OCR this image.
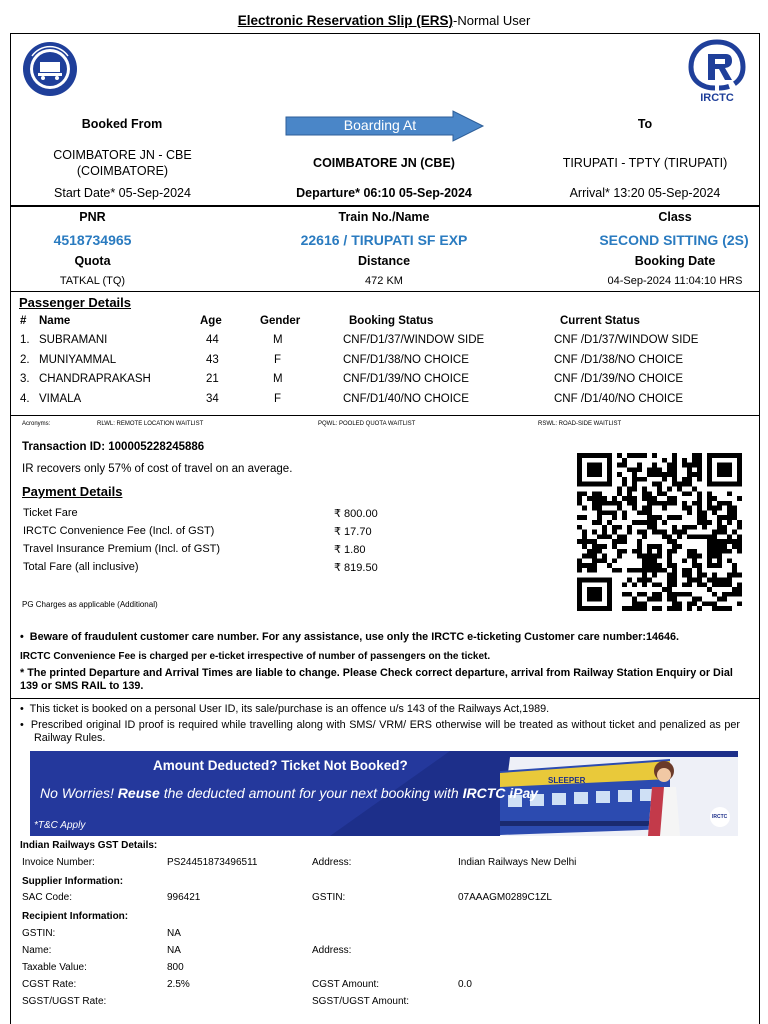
Electronic Reservation Slip (ERS)-Normal User
IRCTC
Booked From	Boarding At	To
COIMBATORE JN - CBE
(COIMBATORE)
COIMBATORE JN (CBE)	TIRUPATI - TPTY (TIRUPATI)
Start Date* 05-Sep-2024	Departure* 06:10 05-Sep-2024	Arrival* 13:20 05-Sep-2024
PNR	Train No./Name	Class
4518734965	22616 / TIRUPATI SF EXP	SECOND SITTING (2S)
Quota	Distance	Booking Date
TATKAL (TQ)	472 KM	04-Sep-2024 11:04:10 HRS
Passenger Details
# Name	Age	Gender	Booking Status	Current Status
1. SUBRAMANI	44	M	CNF/D1/37/WINDOW SIDE	CNF /D1/37/WINDOW SIDE
2. MUNIYAMMAL	43	F	CNF/D1/38/NO CHOICE	CNF /D1/38/NO CHOICE
3. CHANDRAPRAKASH	21	M	CNF/D1/39/NO CHOICE	CNF /D1/39/NO CHOICE
4. VIMALA	34	F	CNF/D1/40/NO CHOICE	CNF /D1/40/NO CHOICE
Acronyms:	RLWL: REMOTE LOCATION WAITLIST	PQWL: POOLED QUOTA WAITLIST	RSWL: ROAD-SIDE WAITLIST
Transaction ID: 100005228245886
IR recovers only 57% of cost of travel on an average.
Payment Details
Ticket Fare	₹ 800.00
IRCTC Convenience Fee (Incl. of GST)	₹ 17.70
Travel Insurance Premium (Incl. of GST)	₹ 1.80
Total Fare (all inclusive)	₹ 819.50
PG Charges as applicable (Additional)
•  Beware of fraudulent customer care number. For any assistance, use only the IRCTC e-ticketing Customer care number:14646.
IRCTC Convenience Fee is charged per e-ticket irrespective of number of passengers on the ticket.
* The printed Departure and Arrival Times are liable to change. Please Check correct departure, arrival from Railway Station Enquiry or Dial 139 or SMS RAIL to 139.
•  This ticket is booked on a personal User ID, its sale/purchase is an offence u/s 143 of the Railways Act,1989.
•  Prescribed original ID proof is required while travelling along with SMS/ VRM/ ERS otherwise will be treated as without ticket and penalized as per Railway Rules.
SLEEPER
Amount Deducted? Ticket Not Booked?
No Worries! Reuse the deducted amount for your next booking with IRCTC iPay
*T&C Apply
IRCTC
Indian Railways GST Details:
Invoice Number:	PS24451873496511	Address:	Indian Railways New Delhi
Supplier Information:
SAC Code:	996421	GSTIN:	07AAAGM0289C1ZL
Recipient Information:
GSTIN:	NA
Name:	NA	Address:
Taxable Value:	800
CGST Rate:	2.5%	CGST Amount:	0.0
SGST/UGST Rate:	SGST/UGST Amount:
